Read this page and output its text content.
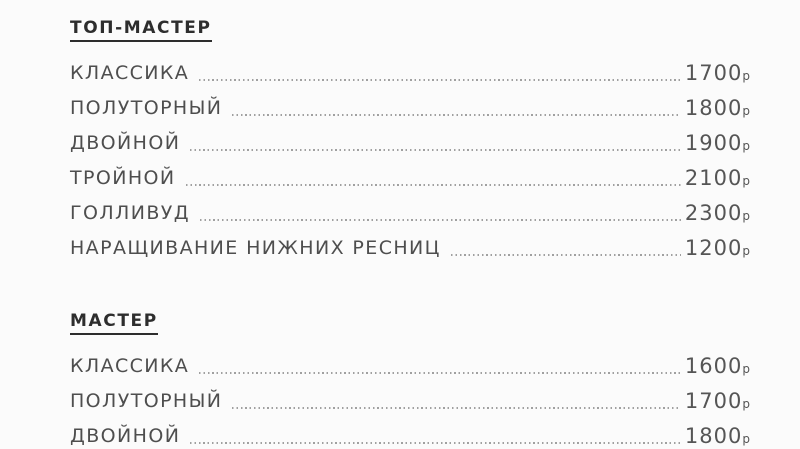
ТОП-МАСТЕР
КЛАССИКА	1700р
ПОЛУТОРНЫЙ	1800р
ДВОЙНОЙ	1900р
ТРОЙНОЙ	2100р
ГОЛЛИВУД	2300р
НАРАЩИВАНИЕ НИЖНИХ РЕСНИЦ	1200р
МАСТЕР
КЛАССИКА	1600р
ПОЛУТОРНЫЙ	1700р
ДВОЙНОЙ	1800р
